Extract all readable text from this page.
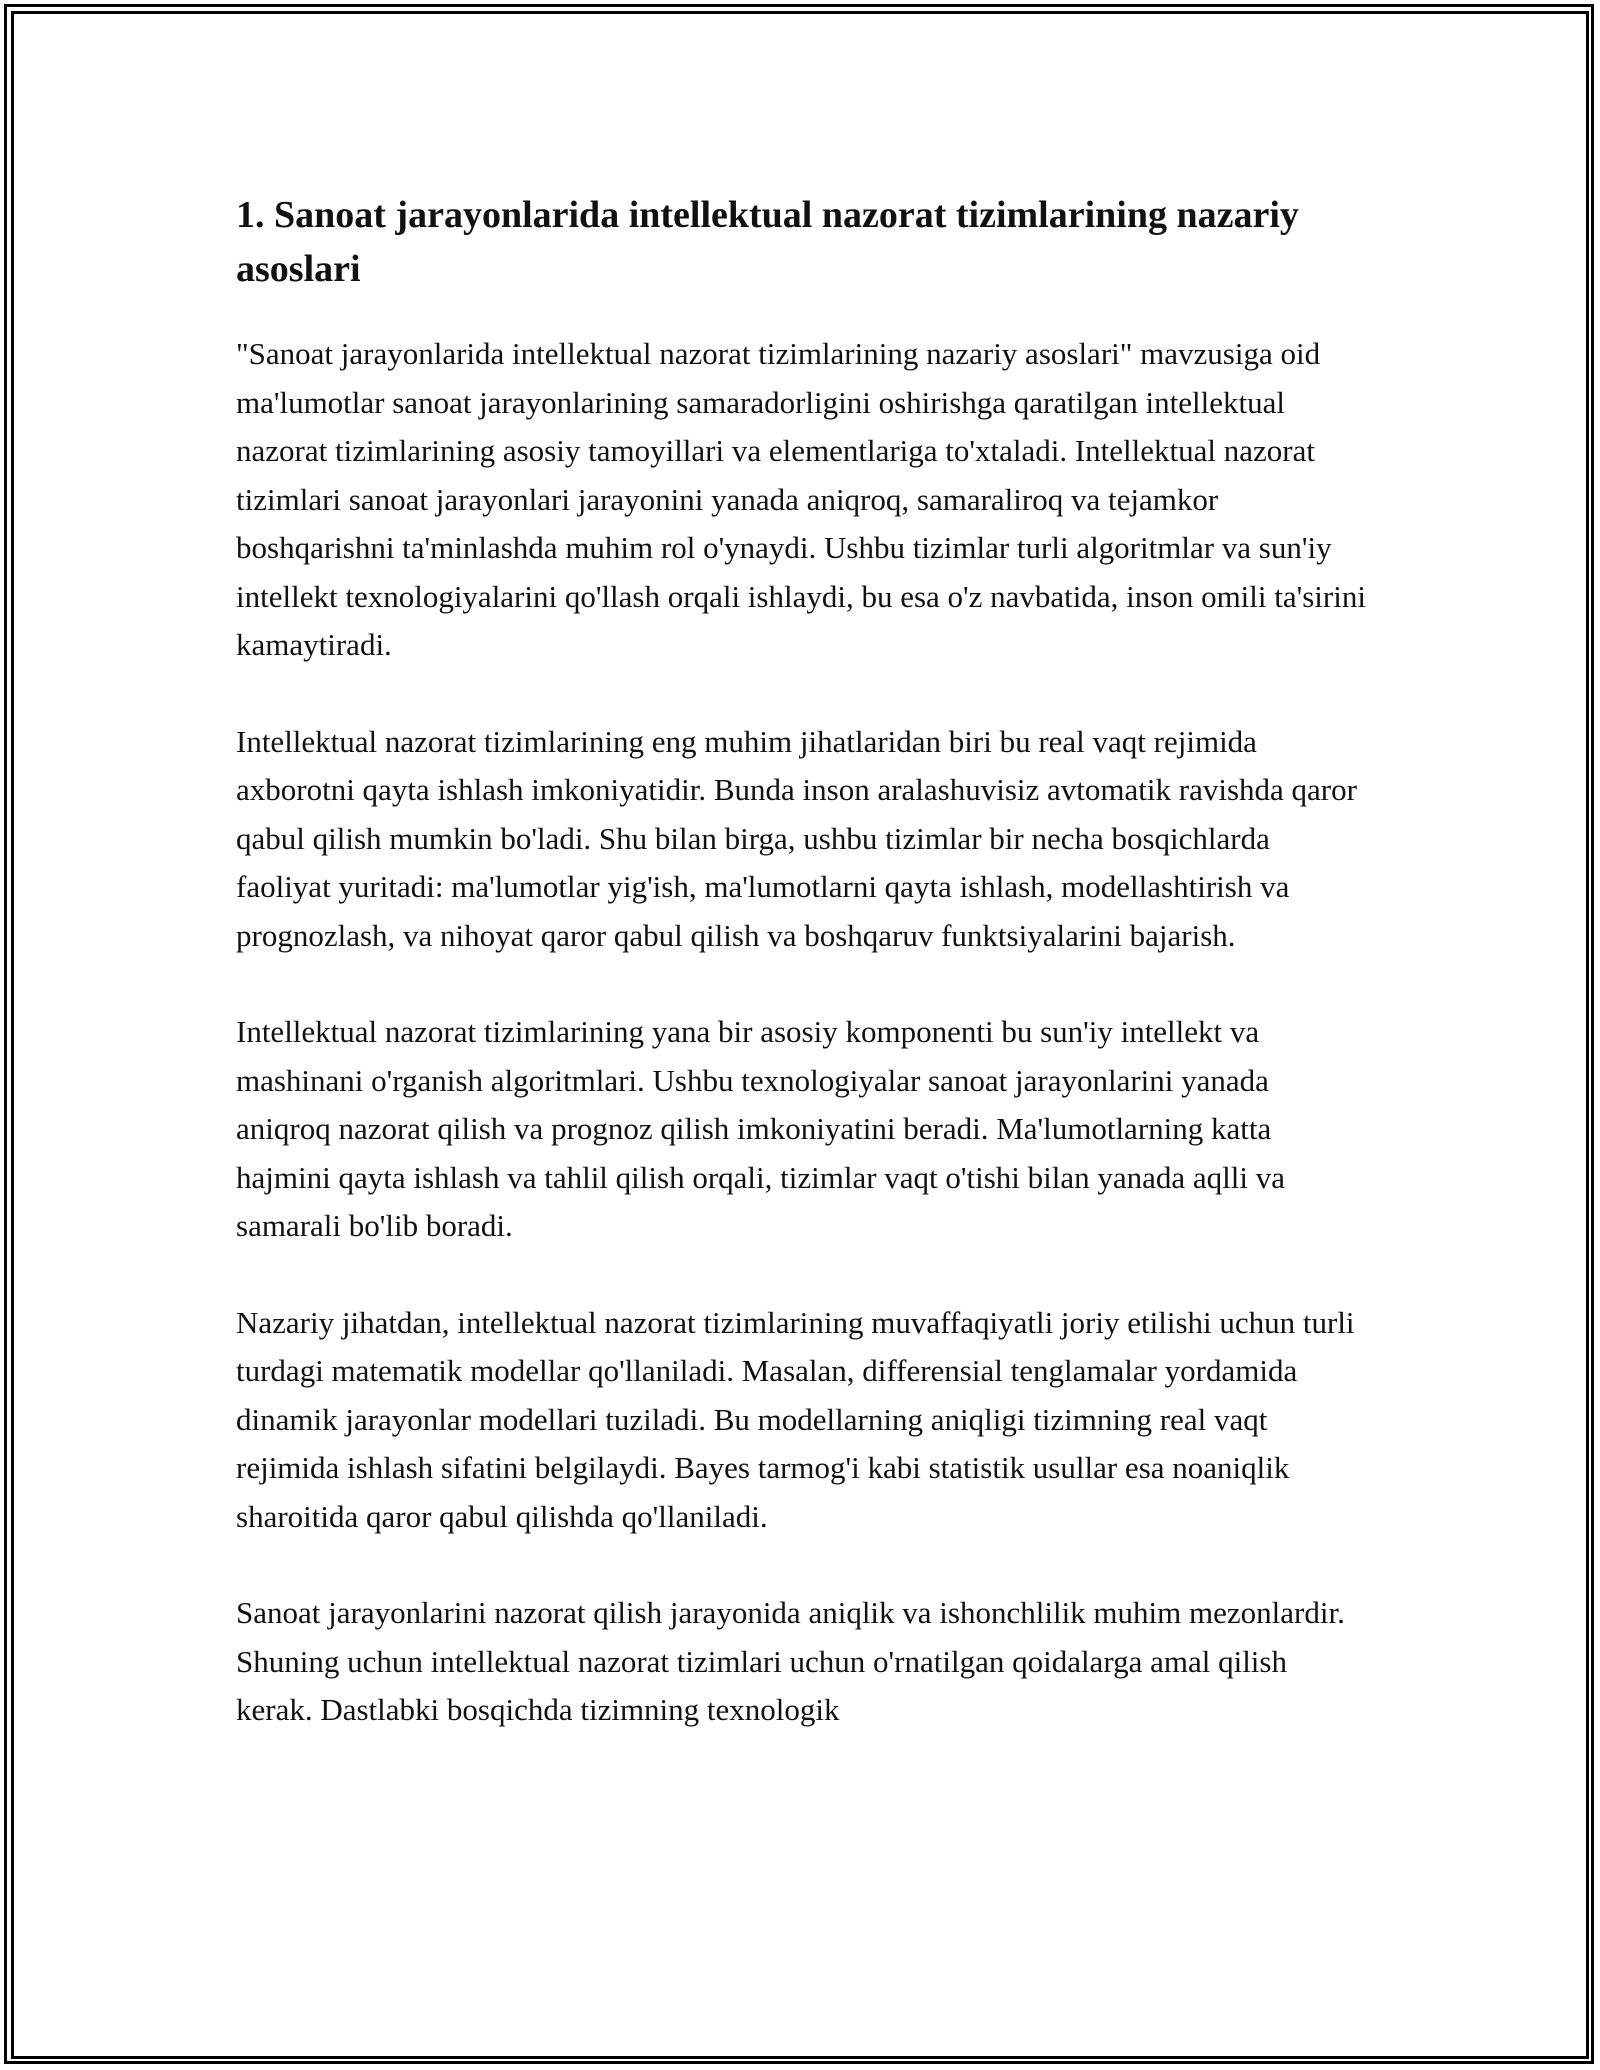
1. Sanoat jarayonlarida intellektual nazorat tizimlarining nazariy asoslari

"Sanoat jarayonlarida intellektual nazorat tizimlarining nazariy asoslari" mavzusiga oid ma'lumotlar sanoat jarayonlarining samaradorligini oshirishga qaratilgan intellektual nazorat tizimlarining asosiy tamoyillari va elementlariga to'xtaladi. Intellektual nazorat tizimlari sanoat jarayonlari jarayonini yanada aniqroq, samaraliroq va tejamkor boshqarishni ta'minlashda muhim rol o'ynaydi. Ushbu tizimlar turli algoritmlar va sun'iy intellekt texnologiyalarini qo'llash orqali ishlaydi, bu esa o'z navbatida, inson omili ta'sirini kamaytiradi.

Intellektual nazorat tizimlarining eng muhim jihatlaridan biri bu real vaqt rejimida axborotni qayta ishlash imkoniyatidir. Bunda inson aralashuvisiz avtomatik ravishda qaror qabul qilish mumkin bo'ladi. Shu bilan birga, ushbu tizimlar bir necha bosqichlarda faoliyat yuritadi: ma'lumotlar yig'ish, ma'lumotlarni qayta ishlash, modellashtirish va prognozlash, va nihoyat qaror qabul qilish va boshqaruv funktsiyalarini bajarish.

Intellektual nazorat tizimlarining yana bir asosiy komponenti bu sun'iy intellekt va mashinani o'rganish algoritmlari. Ushbu texnologiyalar sanoat jarayonlarini yanada aniqroq nazorat qilish va prognoz qilish imkoniyatini beradi. Ma'lumotlarning katta hajmini qayta ishlash va tahlil qilish orqali, tizimlar vaqt o'tishi bilan yanada aqlli va samarali bo'lib boradi.

Nazariy jihatdan, intellektual nazorat tizimlarining muvaffaqiyatli joriy etilishi uchun turli turdagi matematik modellar qo'llaniladi. Masalan, differensial tenglamalar yordamida dinamik jarayonlar modellari tuziladi. Bu modellarning aniqligi tizimning real vaqt rejimida ishlash sifatini belgilaydi. Bayes tarmog'i kabi statistik usullar esa noaniqlik sharoitida qaror qabul qilishda qo'llaniladi.

Sanoat jarayonlarini nazorat qilish jarayonida aniqlik va ishonchlilik muhim mezonlardir. Shuning uchun intellektual nazorat tizimlari uchun o'rnatilgan qoidalarga amal qilish kerak. Dastlabki bosqichda tizimning texnologik
